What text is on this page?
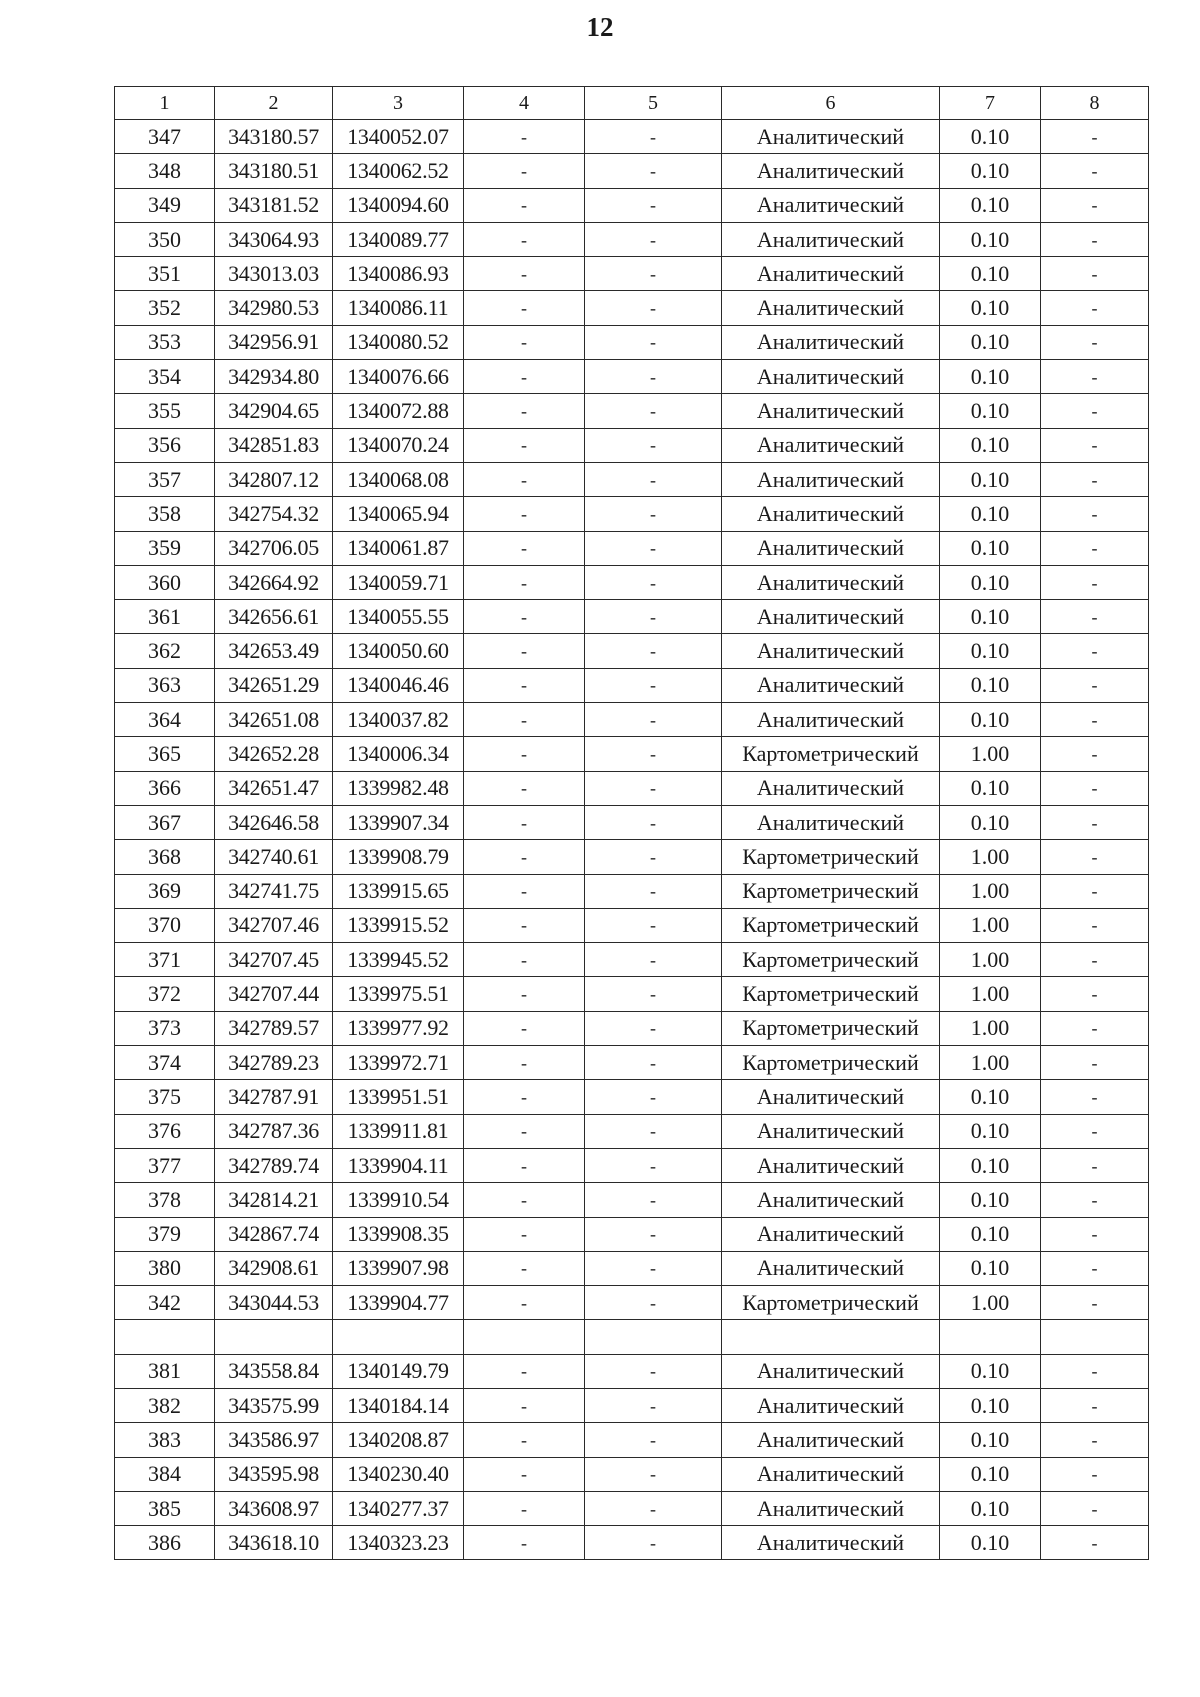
12
1	2	3	4	5	6	7	8
347	343180.57	1340052.07	-	-	Аналитический	0.10	-
348	343180.51	1340062.52	-	-	Аналитический	0.10	-
349	343181.52	1340094.60	-	-	Аналитический	0.10	-
350	343064.93	1340089.77	-	-	Аналитический	0.10	-
351	343013.03	1340086.93	-	-	Аналитический	0.10	-
352	342980.53	1340086.11	-	-	Аналитический	0.10	-
353	342956.91	1340080.52	-	-	Аналитический	0.10	-
354	342934.80	1340076.66	-	-	Аналитический	0.10	-
355	342904.65	1340072.88	-	-	Аналитический	0.10	-
356	342851.83	1340070.24	-	-	Аналитический	0.10	-
357	342807.12	1340068.08	-	-	Аналитический	0.10	-
358	342754.32	1340065.94	-	-	Аналитический	0.10	-
359	342706.05	1340061.87	-	-	Аналитический	0.10	-
360	342664.92	1340059.71	-	-	Аналитический	0.10	-
361	342656.61	1340055.55	-	-	Аналитический	0.10	-
362	342653.49	1340050.60	-	-	Аналитический	0.10	-
363	342651.29	1340046.46	-	-	Аналитический	0.10	-
364	342651.08	1340037.82	-	-	Аналитический	0.10	-
365	342652.28	1340006.34	-	-	Картометрический	1.00	-
366	342651.47	1339982.48	-	-	Аналитический	0.10	-
367	342646.58	1339907.34	-	-	Аналитический	0.10	-
368	342740.61	1339908.79	-	-	Картометрический	1.00	-
369	342741.75	1339915.65	-	-	Картометрический	1.00	-
370	342707.46	1339915.52	-	-	Картометрический	1.00	-
371	342707.45	1339945.52	-	-	Картометрический	1.00	-
372	342707.44	1339975.51	-	-	Картометрический	1.00	-
373	342789.57	1339977.92	-	-	Картометрический	1.00	-
374	342789.23	1339972.71	-	-	Картометрический	1.00	-
375	342787.91	1339951.51	-	-	Аналитический	0.10	-
376	342787.36	1339911.81	-	-	Аналитический	0.10	-
377	342789.74	1339904.11	-	-	Аналитический	0.10	-
378	342814.21	1339910.54	-	-	Аналитический	0.10	-
379	342867.74	1339908.35	-	-	Аналитический	0.10	-
380	342908.61	1339907.98	-	-	Аналитический	0.10	-
342	343044.53	1339904.77	-	-	Картометрический	1.00	-

381	343558.84	1340149.79	-	-	Аналитический	0.10	-
382	343575.99	1340184.14	-	-	Аналитический	0.10	-
383	343586.97	1340208.87	-	-	Аналитический	0.10	-
384	343595.98	1340230.40	-	-	Аналитический	0.10	-
385	343608.97	1340277.37	-	-	Аналитический	0.10	-
386	343618.10	1340323.23	-	-	Аналитический	0.10	-
